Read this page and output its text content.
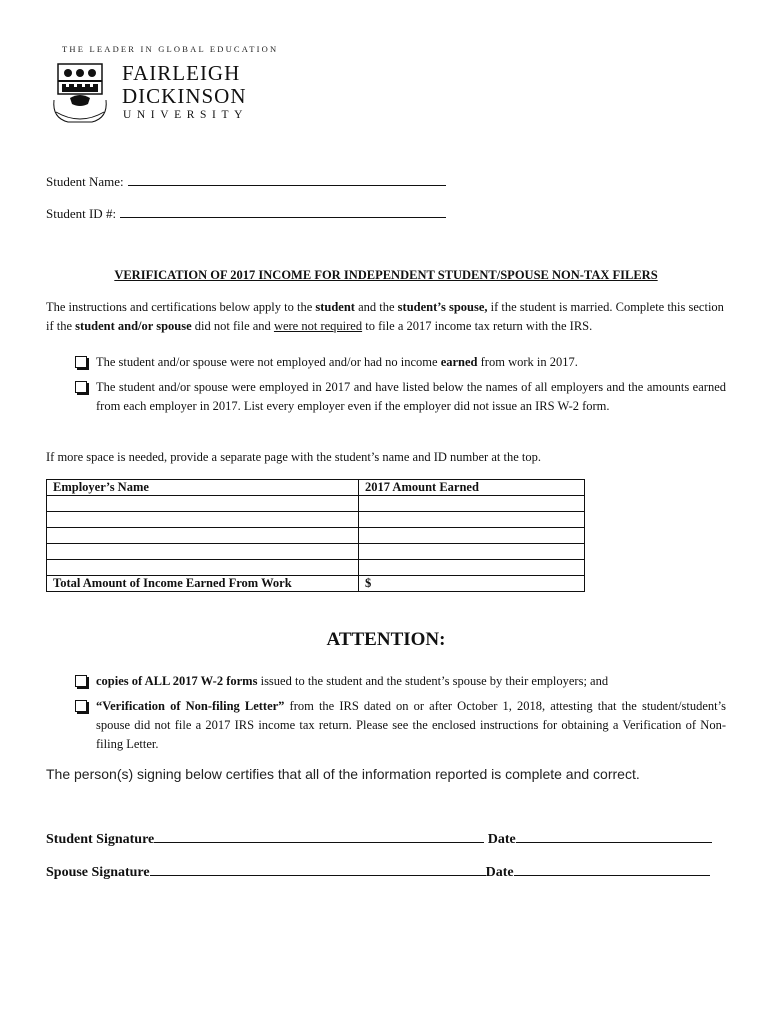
THE LEADER IN GLOBAL EDUCATION
FAIRLEIGH
DICKINSON
UNIVERSITY
Student Name:
Student ID #:
VERIFICATION OF 2017 INCOME FOR INDEPENDENT STUDENT/SPOUSE NON-TAX FILERS
The instructions and certifications below apply to the student and the student’s spouse, if the student is married. Complete this section if the student and/or spouse did not file and were not required to file a 2017 income tax return with the IRS.
The student and/or spouse were not employed and/or had no income earned from work in 2017.
The student and/or spouse were employed in 2017 and have listed below the names of all employers and the amounts earned from each employer in 2017. List every employer even if the employer did not issue an IRS W-2 form.
If more space is needed, provide a separate page with the student’s name and ID number at the top.
Employer’s Name	2017 Amount Earned

Total Amount of Income Earned From Work	$
ATTENTION:
copies of ALL 2017 W-2 forms issued to the student and the student’s spouse by their employers; and
“Verification of Non-filing Letter” from the IRS dated on or after October 1, 2018, attesting that the student/student’s spouse did not file a 2017 IRS income tax return. Please see the enclosed instructions for obtaining a Verification of Non-filing Letter.
The person(s) signing below certifies that all of the information reported is complete and correct.
Student Signature	Date
Spouse Signature	Date
